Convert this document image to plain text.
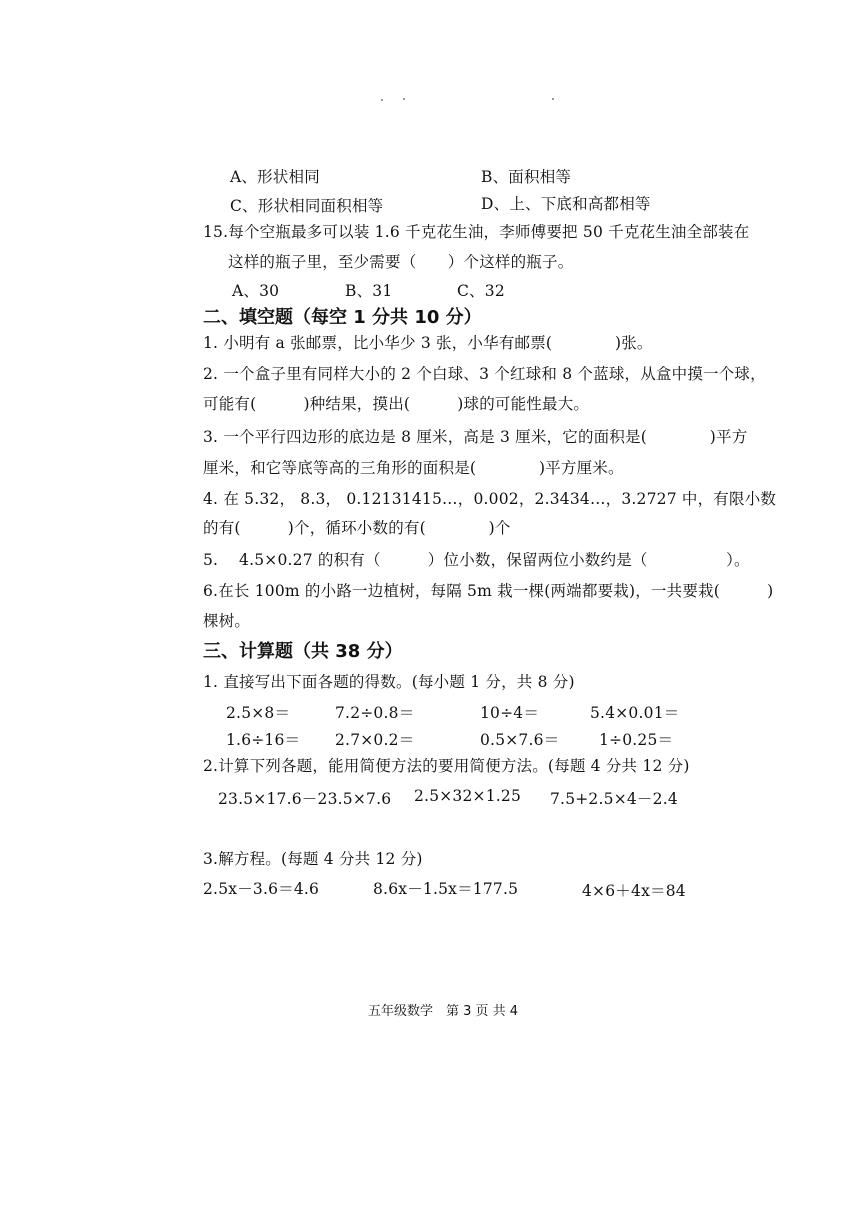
A、形状相同	B、面积相等
C、形状相同面积相等	D、上、下底和高都相等
15.每个空瓶最多可以装 1.6 千克花生油，李师傅要把 50 千克花生油全部装在
这样的瓶子里，至少需要（　　）个这样的瓶子。
A、30	B、31	C、32
二、填空题（每空 1 分共 10 分）
1. 小明有 a 张邮票，比小华少 3 张，小华有邮票(　　　　)张。
2. 一个盒子里有同样大小的 2 个白球、3 个红球和 8 个蓝球，从盒中摸一个球，
可能有(　　　)种结果，摸出(　　　)球的可能性最大。
3. 一个平行四边形的底边是 8 厘米，高是 3 厘米，它的面积是(　　　　)平方
厘米，和它等底等高的三角形的面积是(　　　　)平方厘米。
4. 在 5.32， 8.3， 0.12131415…，0.002，2.3434…，3.2727 中，有限小数
的有(　　　)个，循环小数的有(　　　　)个
5.　 4.5×0.27 的积有（　　　）位小数，保留两位小数约是（　　　　　）。
6.在长 100m 的小路一边植树，每隔 5m 栽一棵(两端都要栽)，一共要栽(　　　)
棵树。
三、计算题（共 38 分）
1. 直接写出下面各题的得数。(每小题 1 分，共 8 分)
2.5×8＝	7.2÷0.8＝	10÷4＝	5.4×0.01＝
1.6÷16＝ 2.7×0.2＝	0.5×7.6＝	1÷0.25＝
2.计算下列各题，能用简便方法的要用简便方法。(每题 4 分共 12 分)
23.5×17.6－23.5×7.6 2.5×32×1.25 7.5+2.5×4－2.4
3.解方程。(每题 4 分共 12 分)
2.5x－3.6＝4.6	8.6x－1.5x＝177.5	4×6＋4x＝84
五年级数学　第 3 页 共 4
